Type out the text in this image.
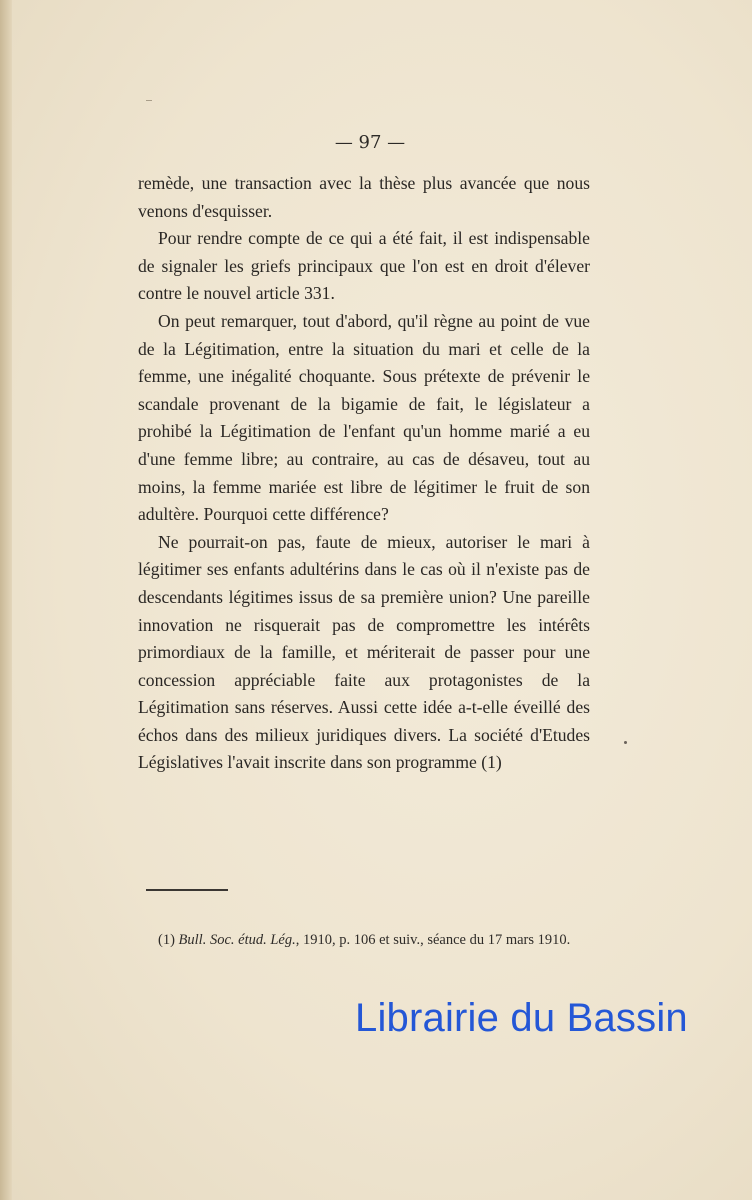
— 97 —

remède, une transaction avec la thèse plus avancée que nous venons d'esquisser.

Pour rendre compte de ce qui a été fait, il est indispensable de signaler les griefs principaux que l'on est en droit d'élever contre le nouvel article 331.

On peut remarquer, tout d'abord, qu'il règne au point de vue de la Légitimation, entre la situation du mari et celle de la femme, une inégalité choquante. Sous prétexte de prévenir le scandale provenant de la bigamie de fait, le législateur a prohibé la Légitimation de l'enfant qu'un homme marié a eu d'une femme libre; au contraire, au cas de désaveu, tout au moins, la femme mariée est libre de légitimer le fruit de son adultère. Pourquoi cette différence?

Ne pourrait-on pas, faute de mieux, autoriser le mari à légitimer ses enfants adultérins dans le cas où il n'existe pas de descendants légitimes issus de sa première union? Une pareille innovation ne risquerait pas de compromettre les intérêts primordiaux de la famille, et mériterait de passer pour une concession appréciable faite aux protagonistes de la Légitimation sans réserves. Aussi cette idée a-t-elle éveillé des échos dans des milieux juridiques divers. La société d'Etudes Législatives l'avait inscrite dans son programme (1)

(1) Bull. Soc. étud. Lég., 1910, p. 106 et suiv., séance du 17 mars 1910.

Librairie du Bassin
